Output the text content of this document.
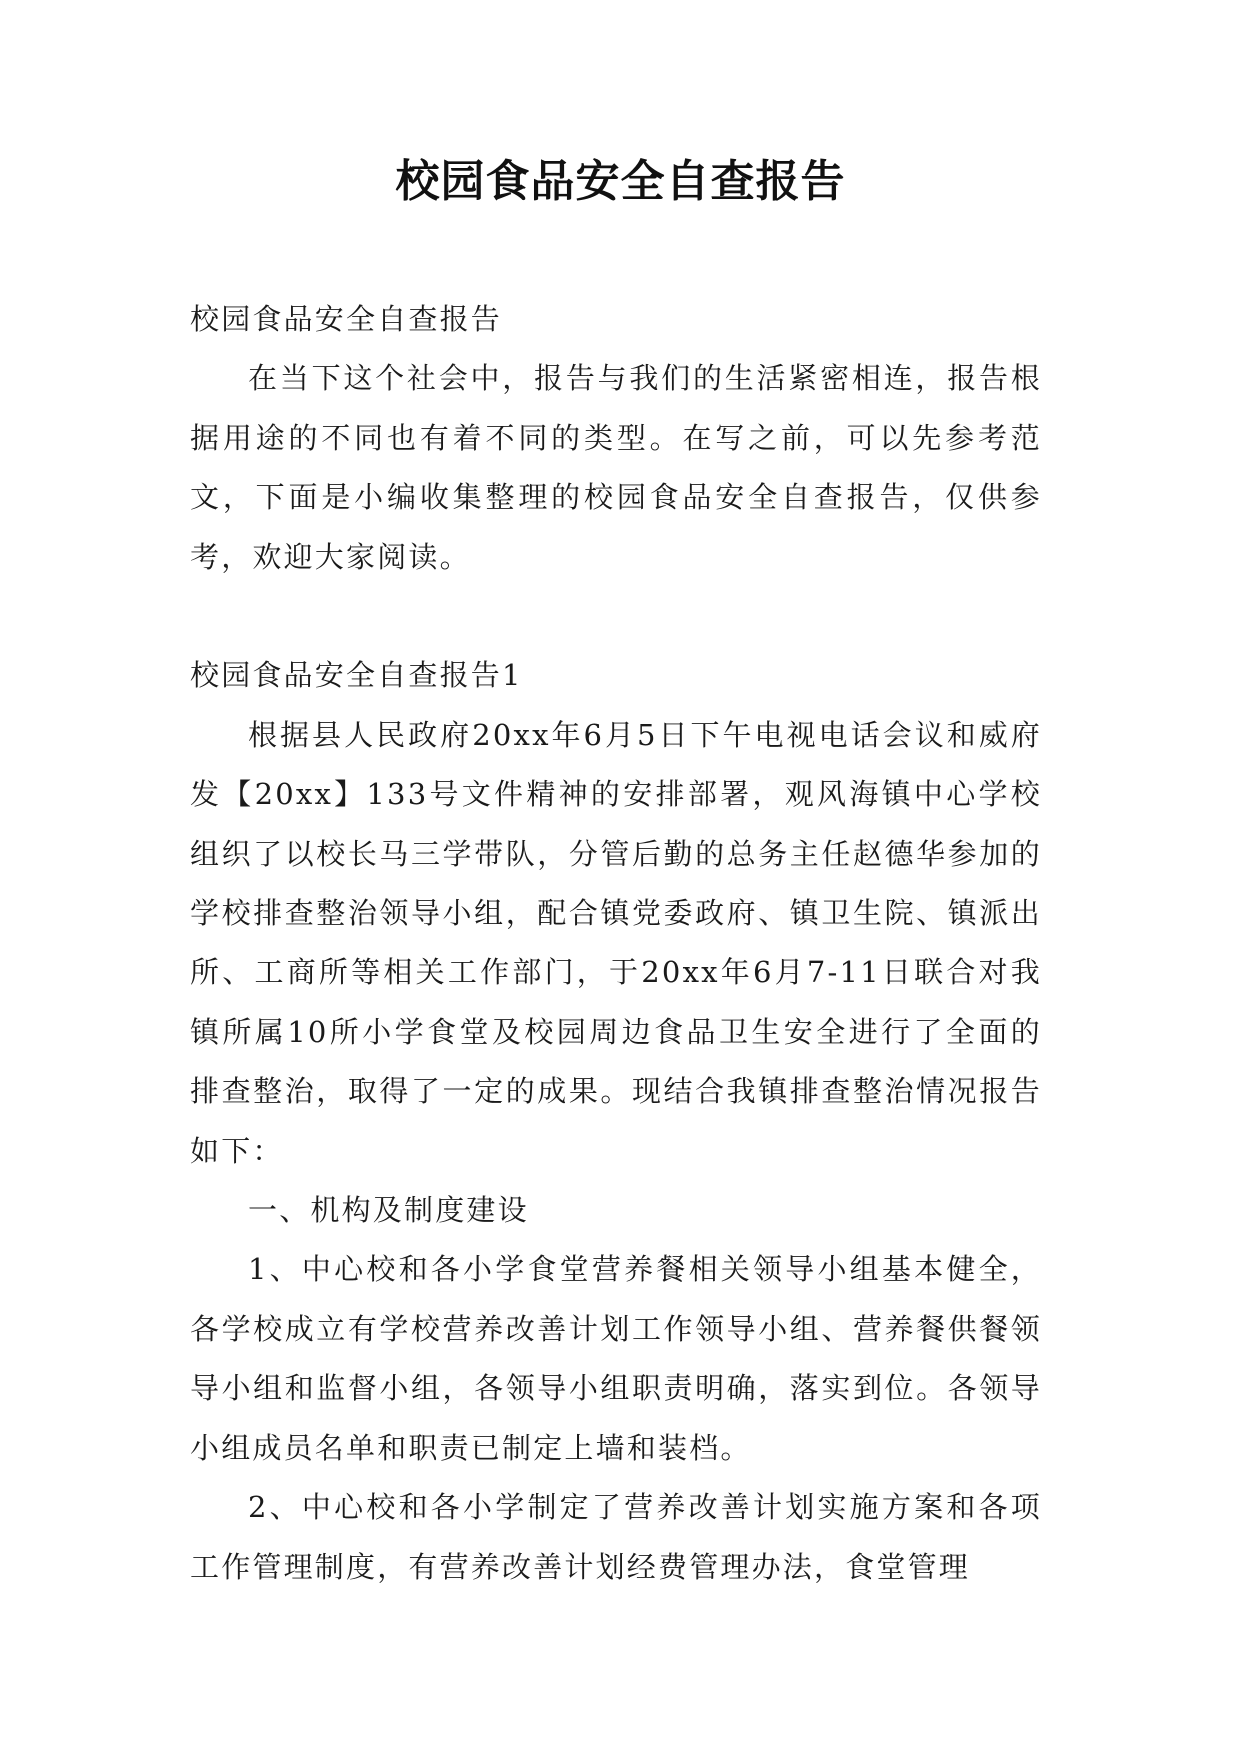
校园食品安全自查报告

校园食品安全自查报告

在当下这个社会中，报告与我们的生活紧密相连，报告根据用途的不同也有着不同的类型。在写之前，可以先参考范文，下面是小编收集整理的校园食品安全自查报告，仅供参考，欢迎大家阅读。

校园食品安全自查报告1

根据县人民政府20xx年6月5日下午电视电话会议和威府发【20xx】133号文件精神的安排部署，观风海镇中心学校组织了以校长马三学带队，分管后勤的总务主任赵德华参加的学校排查整治领导小组，配合镇党委政府、镇卫生院、镇派出所、工商所等相关工作部门，于20xx年6月7-11日联合对我镇所属10所小学食堂及校园周边食品卫生安全进行了全面的排查整治，取得了一定的成果。现结合我镇排查整治情况报告如下：

一、机构及制度建设

1、中心校和各小学食堂营养餐相关领导小组基本健全，各学校成立有学校营养改善计划工作领导小组、营养餐供餐领导小组和监督小组，各领导小组职责明确，落实到位。各领导小组成员名单和职责已制定上墙和装档。

2、中心校和各小学制定了营养改善计划实施方案和各项工作管理制度，有营养改善计划经费管理办法，食堂管理
